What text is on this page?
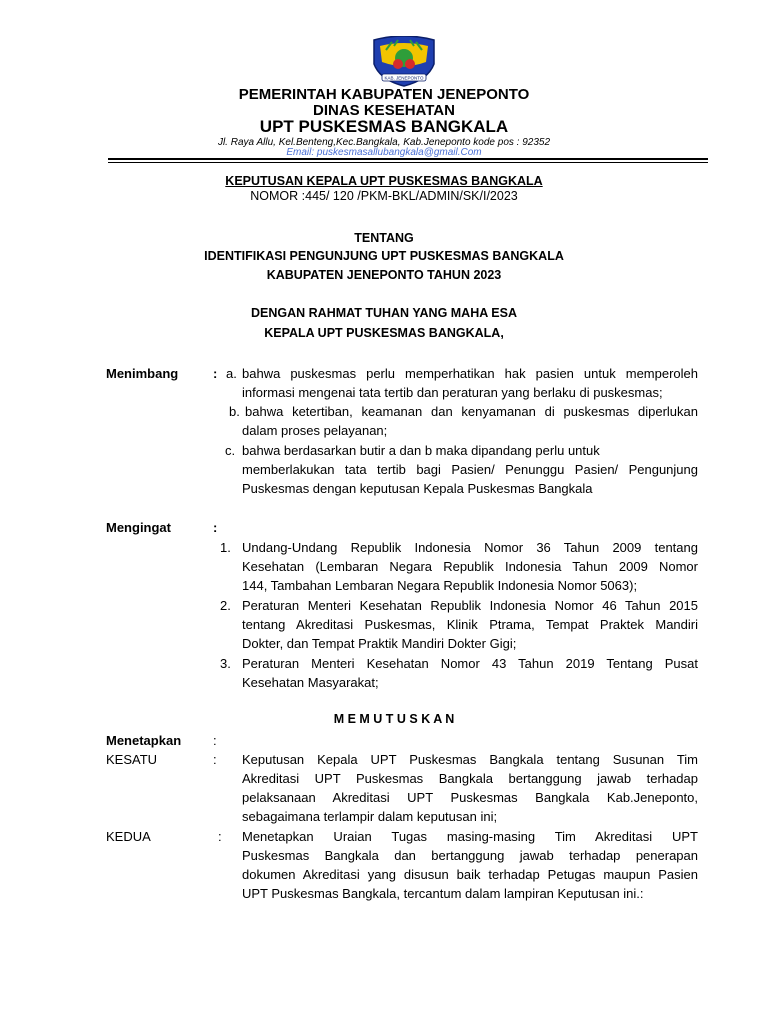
KAB. JENEPONTO
PEMERINTAH KABUPATEN JENEPONTO
DINAS KESEHATAN
UPT PUSKESMAS BANGKALA
Jl. Raya Allu, Kel.Benteng,Kec.Bangkala, Kab.Jeneponto kode pos : 92352
Email: puskesmasallubangkala@gmail.Com
KEPUTUSAN KEPALA UPT PUSKESMAS BANGKALA
NOMOR :445/ 120 /PKM-BKL/ADMIN/SK/I/2023
TENTANG
IDENTIFIKASI PENGUNJUNG UPT PUSKESMAS BANGKALA
KABUPATEN JENEPONTO TAHUN 2023
DENGAN RAHMAT TUHAN YANG MAHA ESA
KEPALA UPT PUSKESMAS BANGKALA,
Menimbang	: a. bahwa puskesmas perlu memperhatikan hak pasien untuk memperoleh
informasi mengenai tata tertib dan peraturan yang berlaku di puskesmas;
b. bahwa ketertiban, keamanan dan kenyamanan di puskesmas diperlukan
dalam proses pelayanan;
c. bahwa berdasarkan butir a dan b maka dipandang perlu untuk
memberlakukan tata tertib bagi Pasien/ Penunggu Pasien/ Pengunjung
Puskesmas dengan keputusan Kepala Puskesmas Bangkala
Mengingat	:
1. Undang-Undang Republik Indonesia Nomor 36 Tahun 2009 tentang
Kesehatan (Lembaran Negara Republik Indonesia Tahun 2009 Nomor
144, Tambahan Lembaran Negara Republik Indonesia Nomor 5063);
2. Peraturan Menteri Kesehatan Republik Indonesia Nomor 46 Tahun 2015
tentang Akreditasi Puskesmas, Klinik Ptrama, Tempat Praktek Mandiri
Dokter, dan Tempat Praktik Mandiri Dokter Gigi;
3. Peraturan Menteri Kesehatan Nomor 43 Tahun 2019 Tentang Pusat
Kesehatan Masyarakat;
M E M U T U S K A N
Menetapkan :
KESATU	: Keputusan Kepala UPT Puskesmas Bangkala tentang Susunan Tim
Akreditasi UPT Puskesmas Bangkala bertanggung jawab terhadap
pelaksanaan Akreditasi UPT Puskesmas Bangkala Kab.Jeneponto,
sebagaimana terlampir dalam keputusan ini;
KEDUA	: Menetapkan Uraian Tugas masing-masing Tim Akreditasi UPT
Puskesmas Bangkala dan bertanggung jawab terhadap penerapan
dokumen Akreditasi yang disusun baik terhadap Petugas maupun Pasien
UPT Puskesmas Bangkala, tercantum dalam lampiran Keputusan ini.:
